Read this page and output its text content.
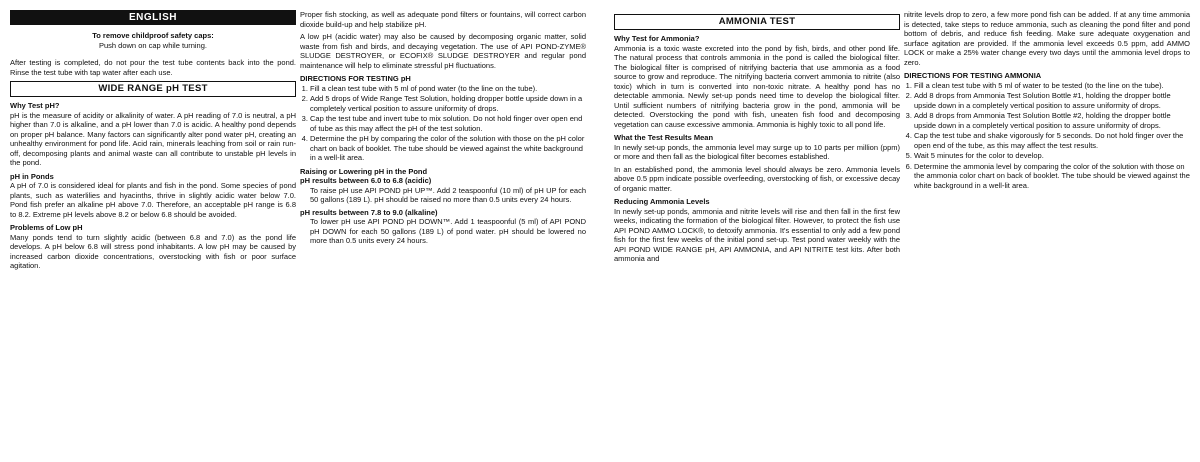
ENGLISH
To remove childproof safety caps:
Push down on cap while turning.

After testing is completed, do not pour the test tube contents back into the pond. Rinse the test tube with tap water after each use.

WIDE RANGE pH TEST
Why Test pH?

pH is the measure of acidity or alkalinity of water. A pH reading of 7.0 is neutral, a pH higher than 7.0 is alkaline, and a pH lower than 7.0 is acidic. A healthy pond depends on proper pH balance. Many factors can significantly alter pond water pH, creating an unhealthy environment for pond life. Acid rain, minerals leaching from soil or rain run-off, decomposing plants and animal waste can all contribute to unstable pH levels in the pond.

pH in Ponds

A pH of 7.0 is considered ideal for plants and fish in the pond. Some species of pond plants, such as waterlilies and hyacinths, thrive in slightly acidic water below 7.0. Pond fish prefer an alkaline pH above 7.0. Therefore, an acceptable pH range is 6.8 to 8.2. Extreme pH levels above 8.2 or below 6.8 should be avoided.

Problems of Low pH

Many ponds tend to turn slightly acidic (between 6.8 and 7.0) as the pond life develops. A pH below 6.8 will stress pond inhabitants. A low pH may be caused by increased carbon dioxide concentrations, overstocking with fish or poor surface agitation.

Proper fish stocking, as well as adequate pond filters or fountains, will correct carbon dioxide build-up and help stabilize pH.

A low pH (acidic water) may also be caused by decomposing organic matter, solid waste from fish and birds, and decaying vegetation. The use of API POND-ZYME® SLUDGE DESTROYER, or ECOFIX® SLUDGE DESTROYER and regular pond maintenance will help to eliminate stressful pH fluctuations.

DIRECTIONS FOR TESTING pH
1. Fill a clean test tube with 5 ml of pond water (to the line on the tube).
2. Add 5 drops of Wide Range Test Solution, holding dropper bottle upside down in a completely vertical position to assure uniformity of drops.
3. Cap the test tube and invert tube to mix solution. Do not hold finger over open end of tube as this may affect the pH of the test solution.
4. Determine the pH by comparing the color of the solution with those on the pH color chart on back of booklet. The tube should be viewed against the white background in a well-lit area.
Raising or Lowering pH in the Pond
pH results between 6.0 to 6.8 (acidic)

To raise pH use API POND pH UP™. Add 2 teaspoonful (10 ml) of pH UP for each 50 gallons (189 L). pH should be raised no more than 0.5 units every 24 hours.

pH results between 7.8 to 9.0 (alkaline)

To lower pH use API POND pH DOWN™. Add 1 teaspoonful (5 ml) of API POND pH DOWN for each 50 gallons (189 L) of pond water. pH should be lowered no more than 0.5 units every 24 hours.

AMMONIA TEST
Why Test for Ammonia?

Ammonia is a toxic waste excreted into the pond by fish, birds, and other pond life. The natural process that controls ammonia in the pond is called the biological filter. The biological filter is comprised of nitrifying bacteria that use ammonia as a food source to grow and reproduce. The nitrifying bacteria convert ammonia to nitrite (also toxic) which in turn is converted into non-toxic nitrate. A healthy pond has no detectable ammonia. Newly set-up ponds need time to develop the biological filter. Until sufficient numbers of nitrifying bacteria grow in the pond, ammonia will be detected. Overstocking the pond with fish, uneaten fish food and decomposing vegetation can cause excessive ammonia. Ammonia is highly toxic to all pond life.

What the Test Results Mean

In newly set-up ponds, the ammonia level may surge up to 10 parts per million (ppm) or more and then fall as the biological filter becomes established.

In an established pond, the ammonia level should always be zero. Ammonia levels above 0.5 ppm indicate possible overfeeding, overstocking of fish, or excessive decay of organic matter.

Reducing Ammonia Levels

In newly set-up ponds, ammonia and nitrite levels will rise and then fall in the first few weeks, indicating the formation of the biological filter. However, to protect the fish use API POND AMMO LOCK®, to detoxify ammonia. It's essential to only add a few pond fish for the first few weeks of the initial pond set-up. Test pond water weekly with the API POND WIDE RANGE pH, API AMMONIA, and API NITRITE test kits. After both ammonia and

nitrite levels drop to zero, a few more pond fish can be added. If at any time ammonia is detected, take steps to reduce ammonia, such as cleaning the pond filter and pond bottom of debris, and reduce fish feeding. Make sure adequate oxygenation and surface agitation are provided. If the ammonia level exceeds 0.5 ppm, add AMMO LOCK or make a 25% water change every two days until the ammonia level drops to zero.

DIRECTIONS FOR TESTING AMMONIA
1. Fill a clean test tube with 5 ml of water to be tested (to the line on the tube).
2. Add 8 drops from Ammonia Test Solution Bottle #1, holding the dropper bottle upside down in a completely vertical position to assure uniformity of drops.
3. Add 8 drops from Ammonia Test Solution Bottle #2, holding the dropper bottle upside down in a completely vertical position to assure uniformity of drops.
4. Cap the test tube and shake vigorously for 5 seconds. Do not hold finger over the open end of the tube, as this may affect the test results.
5. Wait 5 minutes for the color to develop.
6. Determine the ammonia level by comparing the color of the solution with those on the ammonia color chart on back of booklet. The tube should be viewed against the white background in a well-lit area.
